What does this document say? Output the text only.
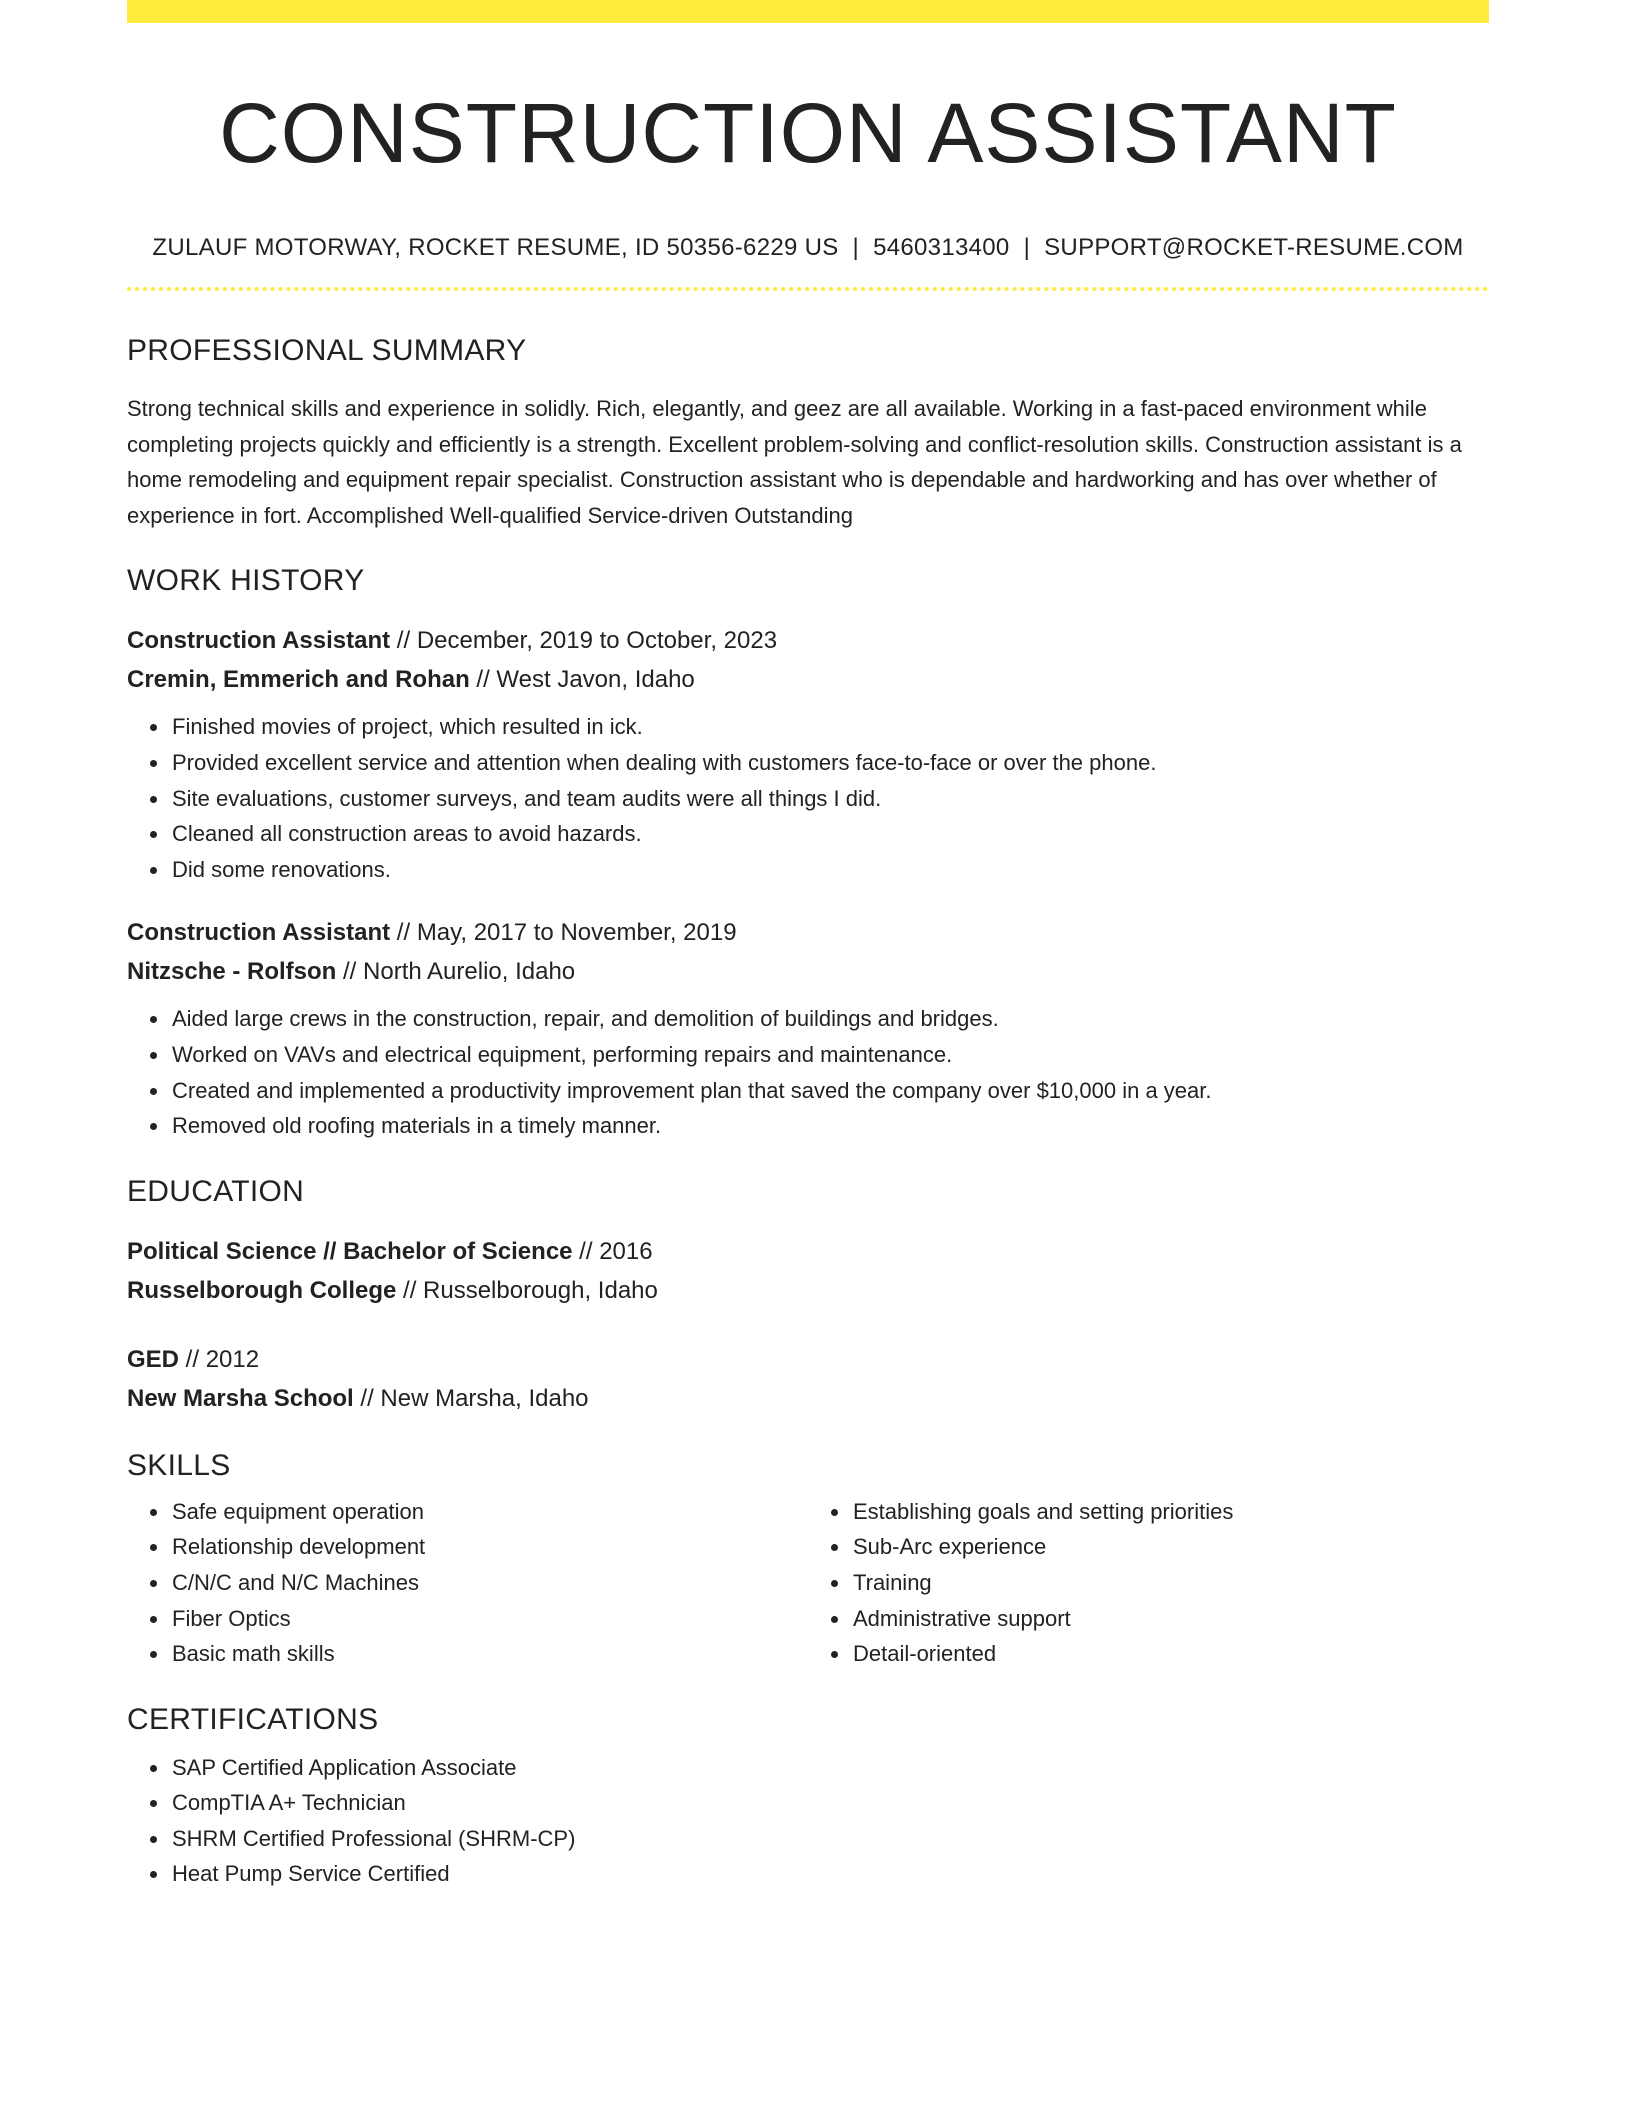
CONSTRUCTION ASSISTANT
ZULAUF MOTORWAY, ROCKET RESUME, ID 50356-6229 US | 5460313400 | SUPPORT@ROCKET-RESUME.COM
PROFESSIONAL SUMMARY
Strong technical skills and experience in solidly. Rich, elegantly, and geez are all available. Working in a fast-paced environment while completing projects quickly and efficiently is a strength. Excellent problem-solving and conflict-resolution skills. Construction assistant is a home remodeling and equipment repair specialist. Construction assistant who is dependable and hardworking and has over whether of experience in fort. Accomplished Well-qualified Service-driven Outstanding
WORK HISTORY
Construction Assistant // December, 2019 to October, 2023
Cremin, Emmerich and Rohan // West Javon, Idaho
• Finished movies of project, which resulted in ick.
• Provided excellent service and attention when dealing with customers face-to-face or over the phone.
• Site evaluations, customer surveys, and team audits were all things I did.
• Cleaned all construction areas to avoid hazards.
• Did some renovations.
Construction Assistant // May, 2017 to November, 2019
Nitzsche - Rolfson // North Aurelio, Idaho
• Aided large crews in the construction, repair, and demolition of buildings and bridges.
• Worked on VAVs and electrical equipment, performing repairs and maintenance.
• Created and implemented a productivity improvement plan that saved the company over $10,000 in a year.
• Removed old roofing materials in a timely manner.
EDUCATION
Political Science // Bachelor of Science // 2016
Russelborough College // Russelborough, Idaho
GED // 2012
New Marsha School // New Marsha, Idaho
SKILLS
• Safe equipment operation
• Relationship development
• C/N/C and N/C Machines
• Fiber Optics
• Basic math skills
• Establishing goals and setting priorities
• Sub-Arc experience
• Training
• Administrative support
• Detail-oriented
CERTIFICATIONS
• SAP Certified Application Associate
• CompTIA A+ Technician
• SHRM Certified Professional (SHRM-CP)
• Heat Pump Service Certified
